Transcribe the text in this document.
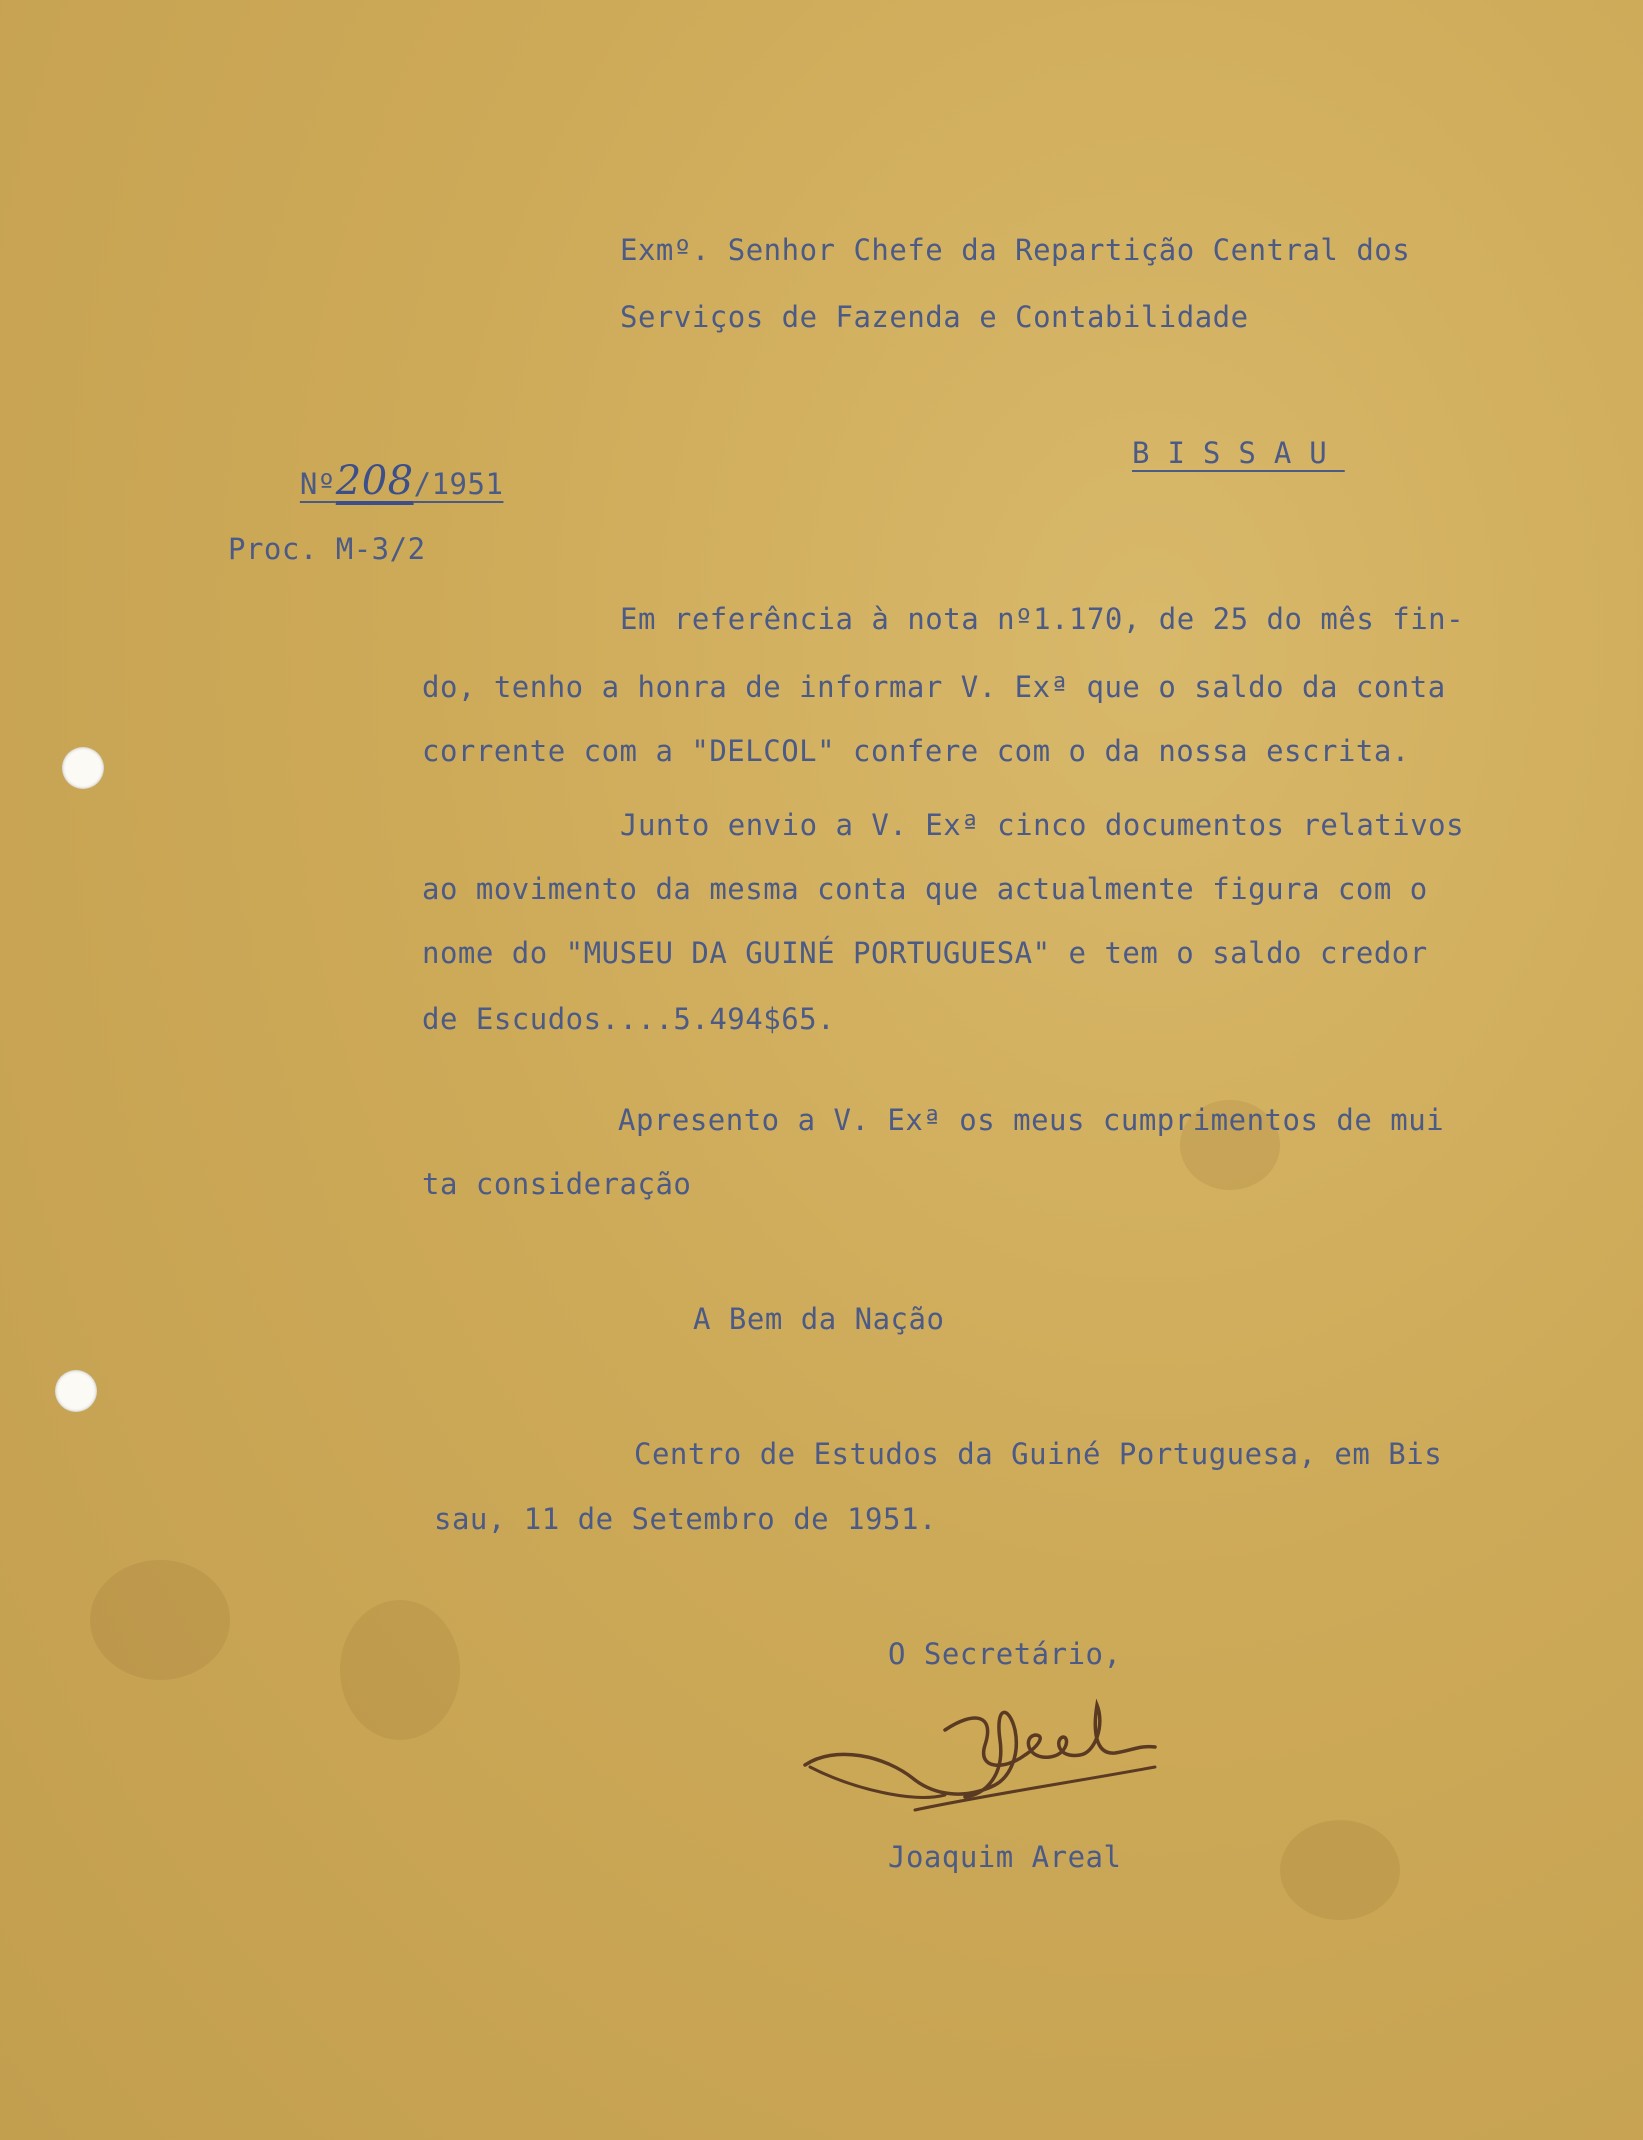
Exmº. Senhor Chefe da Repartição Central dos
Serviços de Fazenda e Contabilidade

Nº208/1951

BISSAU
Proc. M-3/2
Em referência à nota nº1.170, de 25 do mês fin-
do, tenho a honra de informar V. Exª que o saldo da conta
corrente com a "DELCOL" confere com o da nossa escrita.
Junto envio a V. Exª cinco documentos relativos
ao movimento da mesma conta que actualmente figura com o
nome do "MUSEU DA GUINÉ PORTUGUESA" e tem o saldo credor
de Escudos....5.494$65.
Apresento a V. Exª os meus cumprimentos de mui
ta consideração
A Bem da Nação
Centro de Estudos da Guiné Portuguesa, em Bis
sau, 11 de Setembro de 1951.
O Secretário,
Joaquim Areal
